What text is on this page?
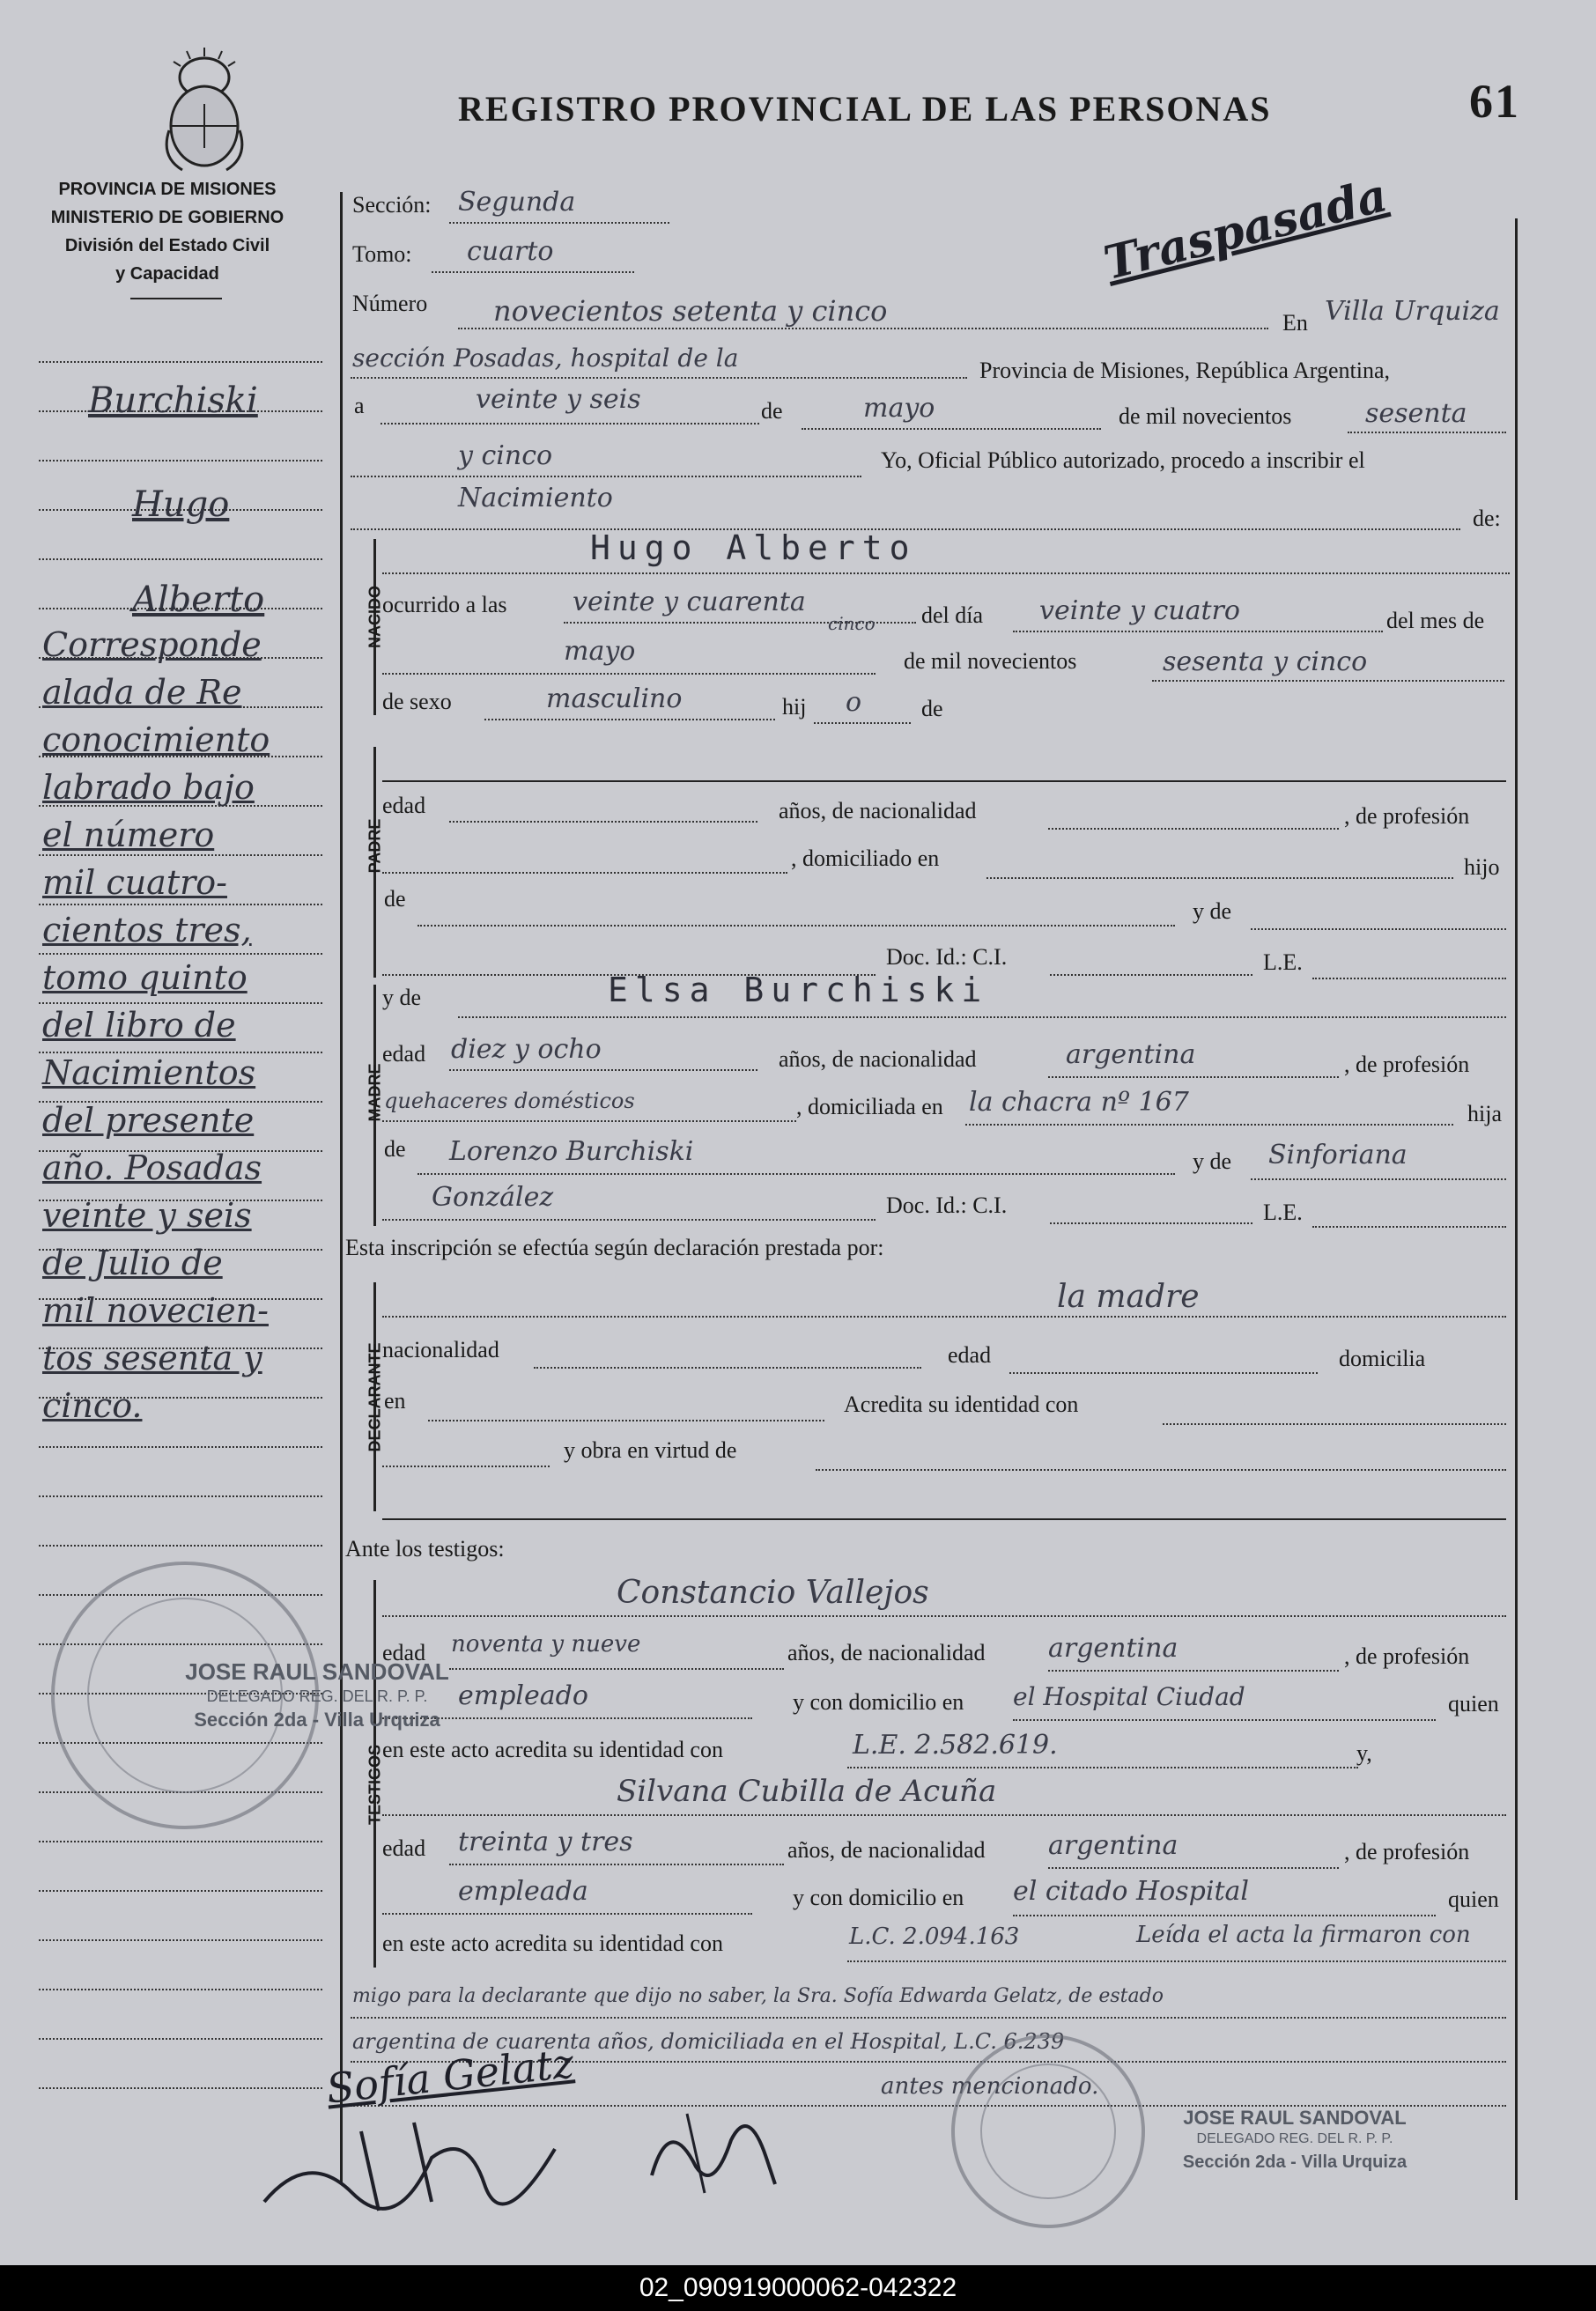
PROVINCIA DE MISIONES
MINISTERIO DE GOBIERNO
División del Estado Civil
y Capacidad
REGISTRO PROVINCIAL DE LAS PERSONAS	61
Traspasada
Burchiski
Hugo
Alberto
Corresponde
alada de Re
conocimiento
labrado bajo
el número
mil cuatro-
cientos tres,
tomo quinto
del libro de
Nacimientos
del presente
año. Posadas
veinte y seis
de Julio de
mil novecien-
tos sesenta y
cinco.
Sección: Segunda
Tomo: cuarto
Número novecientos setenta y cinco	En Villa Urquiza
sección Posadas, hospital de la	Provincia de Misiones, República Argentina,
a	veinte y seis	de	mayo	de mil novecientos	sesenta
y cinco	Yo, Oficial Público autorizado, procedo a inscribir el
Nacimiento
de:
NACIDO
Hugo Alberto
ocurrido a las veinte y cuarenta
cinco del día veinte y cuatro	del mes de
mayo	de mil novecientos	sesenta y cinco
de sexo	masculino	hij o	de
PADRE
edad	años, de nacionalidad	, de profesión
, domiciliado en	hijo
de	y de
Doc. Id.: C.I.	L.E.
MADRE
y de	Elsa Burchiski
edad diez y ocho	años, de nacionalidad	argentina	, de profesión
quehaceres domésticos	, domiciliada en la chacra nº 167	hija
de Lorenzo Burchiski	y de Sinforiana
González	Doc. Id.: C.I.	L.E.
Esta inscripción se efectúa según declaración prestada por:
DECLARANTE
la madre
nacionalidad	edad	domicilia
en	Acredita su identidad con
y obra en virtud de
Ante los testigos:
TESTIGOS
Constancio Vallejos
edad noventa y nueve	años, de nacionalidad argentina	, de profesión
empleado	y con domicilio en el Hospital Ciudad	quien
en este acto acredita su identidad con	L.E. 2.582.619.	y,
Silvana Cubilla de Acuña
edad treinta y tres	años, de nacionalidad argentina	, de profesión
empleada	y con domicilio en el citado Hospital	quien
en este acto acredita su identidad con	L.C. 2.094.163	Leída el acta la firmaron con
migo para la declarante que dijo no saber, la Sra. Sofía Edwarda Gelatz, de estado
argentina de cuarenta años, domiciliada en el Hospital, L.C. 6.239
antes mencionado.
Sofía Gelatz
JOSE RAUL SANDOVAL
DELEGADO REG. DEL R. P. P.
Sección 2da - Villa Urquiza
JOSE RAUL SANDOVAL
DELEGADO REG. DEL R. P. P.
Sección 2da - Villa Urquiza
02_090919000062-042322
